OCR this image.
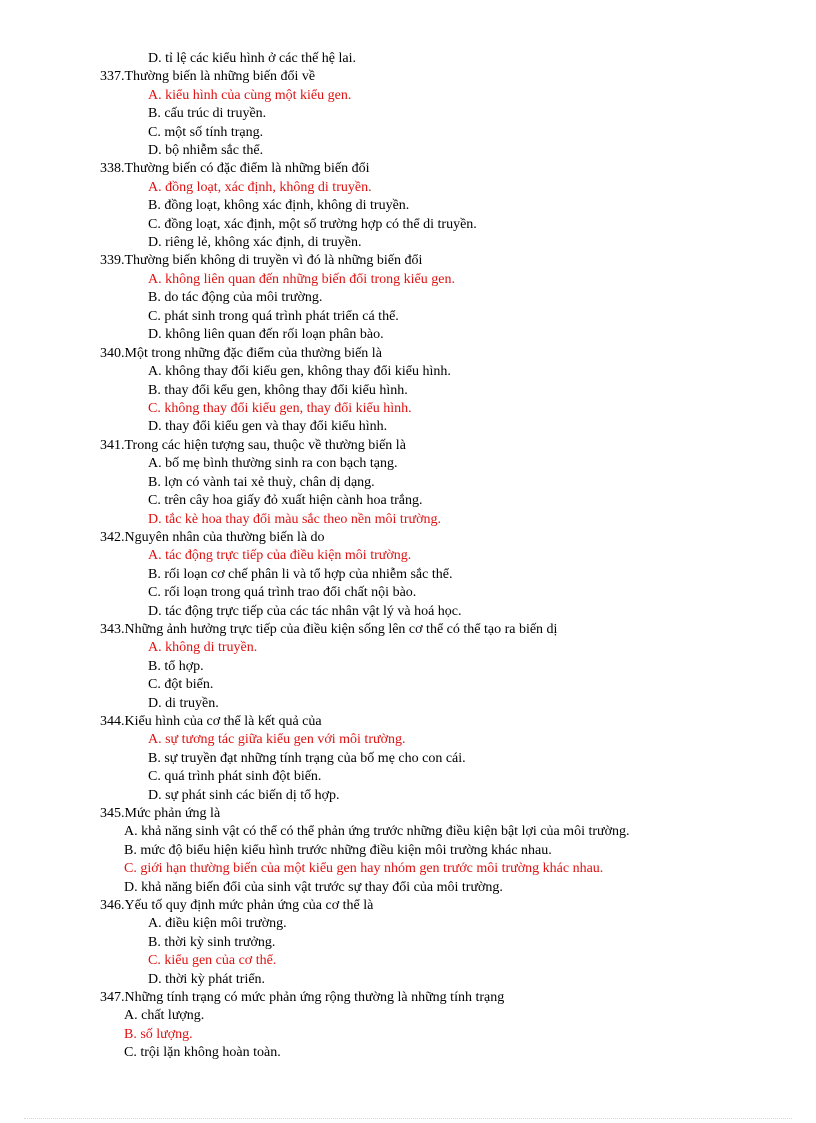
D. tỉ lệ các kiểu hình ở các thế hệ lai.
337.Thường biến là những biến đổi về
A. kiểu hình của cùng một kiểu gen.
B. cấu trúc di truyền.
C. một số tính trạng.
D. bộ nhiễm sắc thể.
338.Thường biến có đặc điểm là những biến đổi
A. đồng loạt, xác định, không di truyền.
B. đồng loạt, không xác định, không di truyền.
C. đồng loạt, xác định, một số trường hợp có thể di truyền.
D. riêng lẻ, không xác định, di truyền.
339.Thường biến không di truyền vì đó là những biến đổi
A. không liên quan đến những biến đổi trong kiểu gen.
B. do tác động của môi trường.
C. phát sinh trong quá trình phát triển cá thể.
D. không liên quan đến rối loạn phân bào.
340.Một trong những đặc điểm của thường biến là
A. không thay đổi kiểu gen, không thay đổi kiểu hình.
B. thay đổi kểu gen, không thay đổi kiểu hình.
C. không thay đổi kiểu gen, thay đổi kiểu hình.
D. thay đổi kiểu gen và thay đổi kiểu hình.
341.Trong các hiện tượng sau, thuộc về thường biến là
A. bố mẹ bình thường sinh ra con bạch tạng.
B. lợn có vành tai xẻ thuỳ, chân dị dạng.
C. trên cây hoa giấy đỏ xuất hiện cành hoa trắng.
D. tắc kè hoa thay đổi màu sắc theo nền môi trường.
342.Nguyên nhân của thường biến là do
A. tác động trực tiếp của điều kiện môi trường.
B. rối loạn cơ chế phân li và tổ hợp của nhiễm sắc thể.
C. rối loạn trong quá trình trao đổi chất nội bào.
D. tác động trực tiếp của các tác nhân vật lý và hoá học.
343.Những ảnh hưởng trực tiếp của điều kiện sống lên cơ thể có thể tạo ra biến dị
A. không di truyền.
B. tổ hợp.
C. đột biến.
D. di truyền.
344.Kiểu hình của cơ thể là kết quả của
A. sự tương tác giữa kiểu gen với môi trường.
B. sự truyền đạt những tính trạng của bố mẹ cho con cái.
C. quá trình phát sinh đột biến.
D. sự phát sinh các biến dị tổ hợp.
345.Mức phản ứng là
A. khả năng sinh vật có thể có thể phản ứng trước những điều kiện bật lợi của môi trường.
B. mức độ biểu hiện kiểu hình trước những điều kiện môi trường khác nhau.
C. giới hạn thường biến của một kiểu gen hay nhóm gen trước môi trường khác nhau.
D. khả năng biến đổi của sinh vật trước sự thay đổi của môi trường.
346.Yếu tố quy định mức phản ứng của cơ thể là
A. điều kiện môi trường.
B. thời kỳ sinh trưởng.
C. kiểu gen của cơ thể.
D. thời kỳ phát triển.
347.Những tính trạng có mức phản ứng rộng thường là những tính trạng
A. chất lượng.
B. số lượng.
C. trội lặn không hoàn toàn.
